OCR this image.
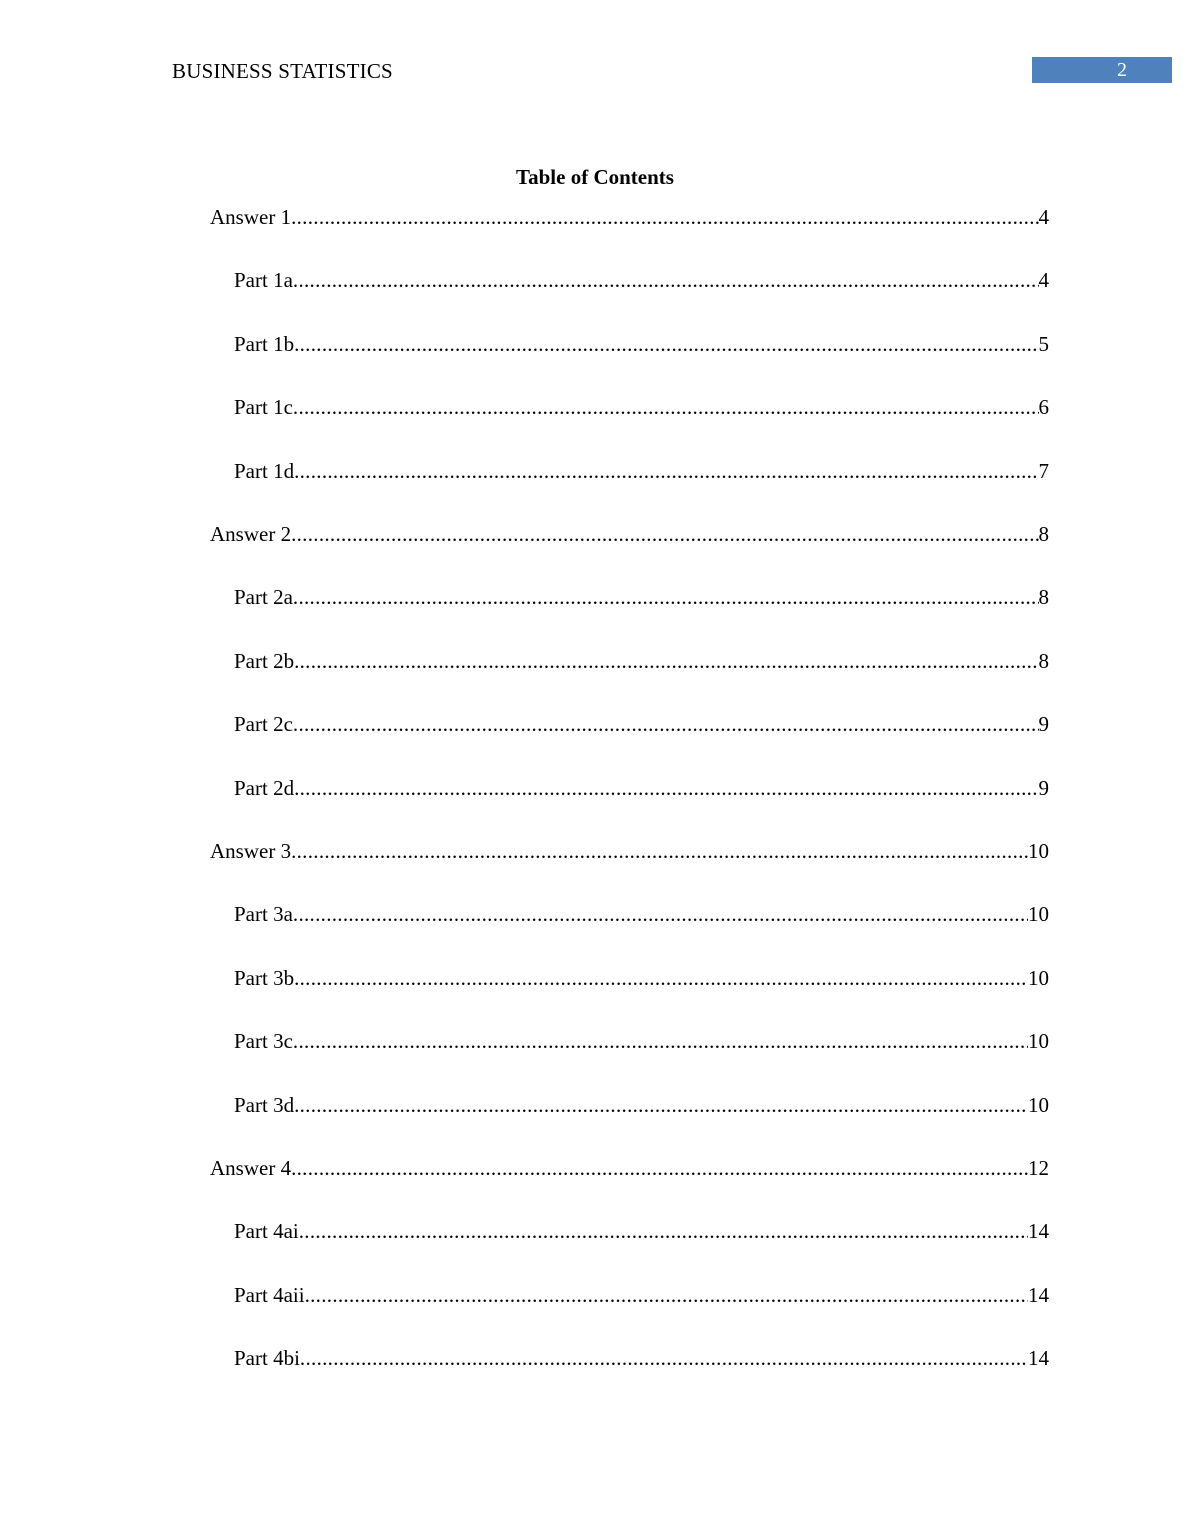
BUSINESS STATISTICS	2
Table of Contents
Answer 1 .....	4
Part 1a .....	4
Part 1b .....	5
Part 1c .....	6
Part 1d .....	7
Answer 2 .....	8
Part 2a .....	8
Part 2b .....	8
Part 2c .....	9
Part 2d .....	9
Answer 3 .....	10
Part 3a .....	10
Part 3b .....	10
Part 3c .....	10
Part 3d .....	10
Answer 4 .....	12
Part 4ai .....	14
Part 4aii .....	14
Part 4bi .....	14
